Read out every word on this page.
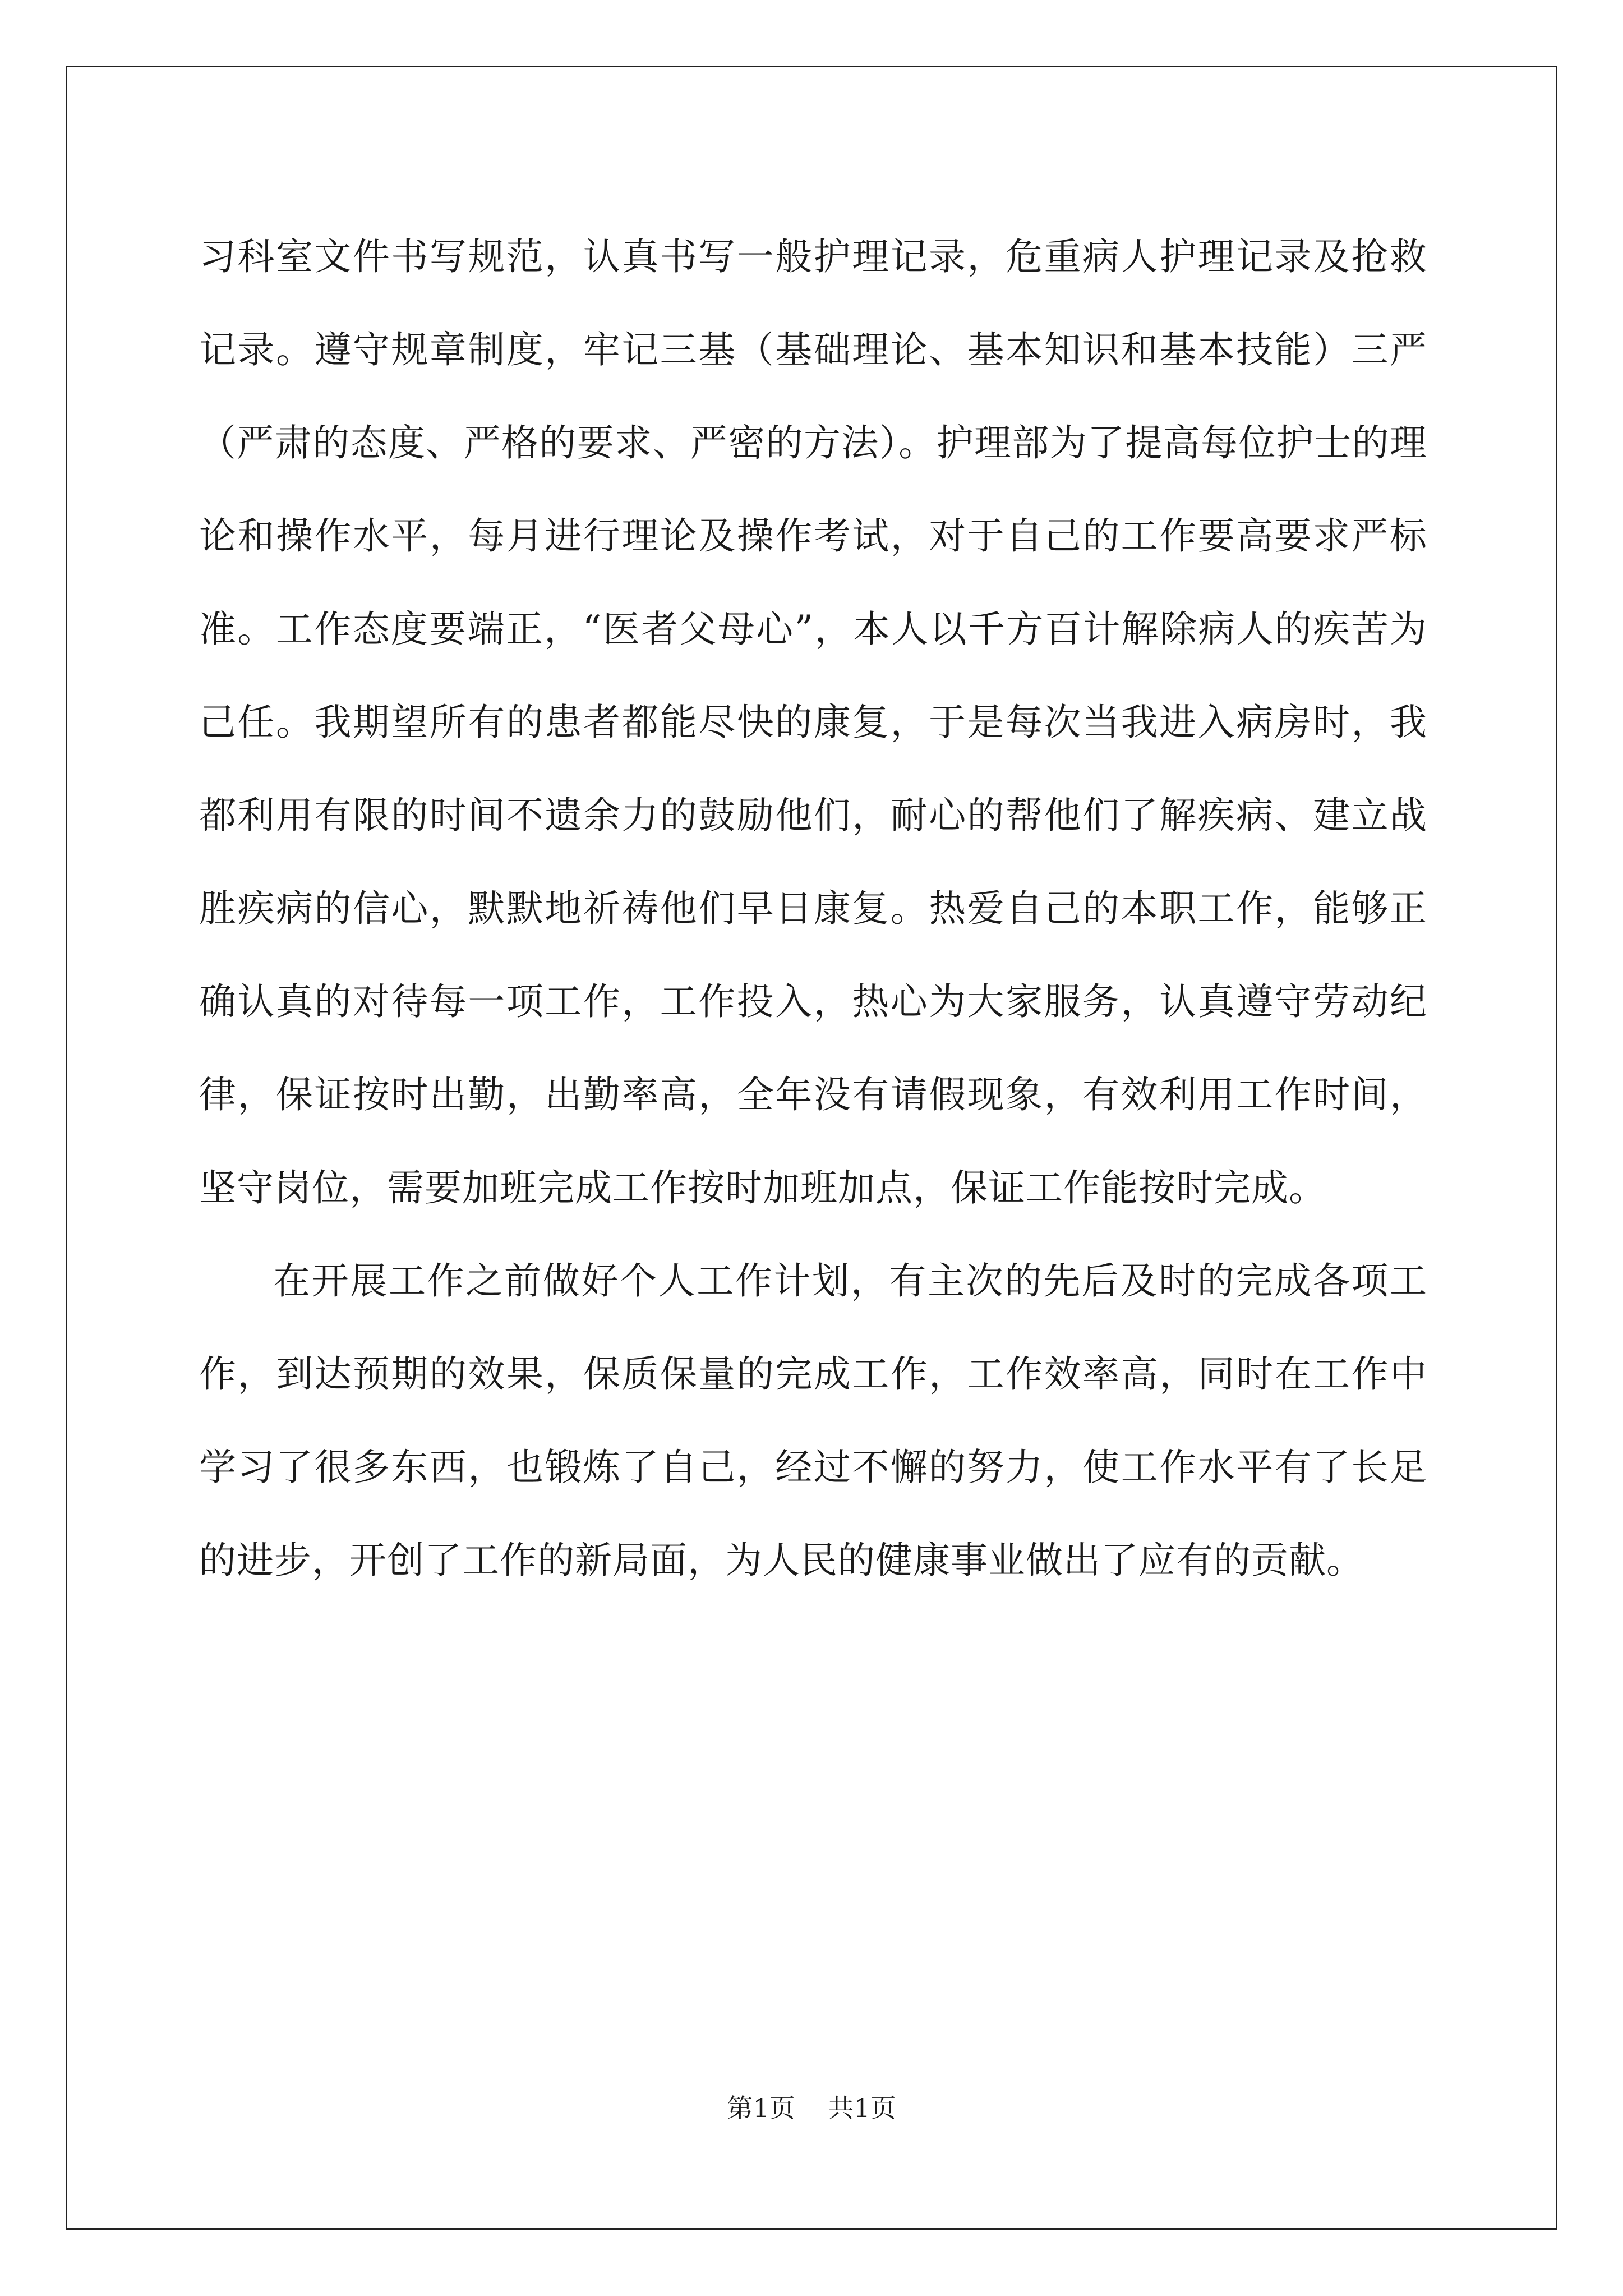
习科室文件书写规范，认真书写一般护理记录，危重病人护理记录及抢救记录。遵守规章制度，牢记三基（基础理论、基本知识和基本技能）三严（严肃的态度、严格的要求、严密的方法）。护理部为了提高每位护士的理论和操作水平，每月进行理论及操作考试，对于自己的工作要高要求严标准。工作态度要端正，“医者父母心”，本人以千方百计解除病人的疾苦为己任。我期望所有的患者都能尽快的康复，于是每次当我进入病房时，我都利用有限的时间不遗余力的鼓励他们，耐心的帮他们了解疾病、建立战胜疾病的信心，默默地祈祷他们早日康复。热爱自己的本职工作，能够正确认真的对待每一项工作，工作投入，热心为大家服务，认真遵守劳动纪律，保证按时出勤，出勤率高，全年没有请假现象，有效利用工作时间，坚守岗位，需要加班完成工作按时加班加点，保证工作能按时完成。

在开展工作之前做好个人工作计划，有主次的先后及时的完成各项工作，到达预期的效果，保质保量的完成工作，工作效率高，同时在工作中学习了很多东西，也锻炼了自己，经过不懈的努力，使工作水平有了长足的进步，开创了工作的新局面，为人民的健康事业做出了应有的贡献。

第1页 共1页
